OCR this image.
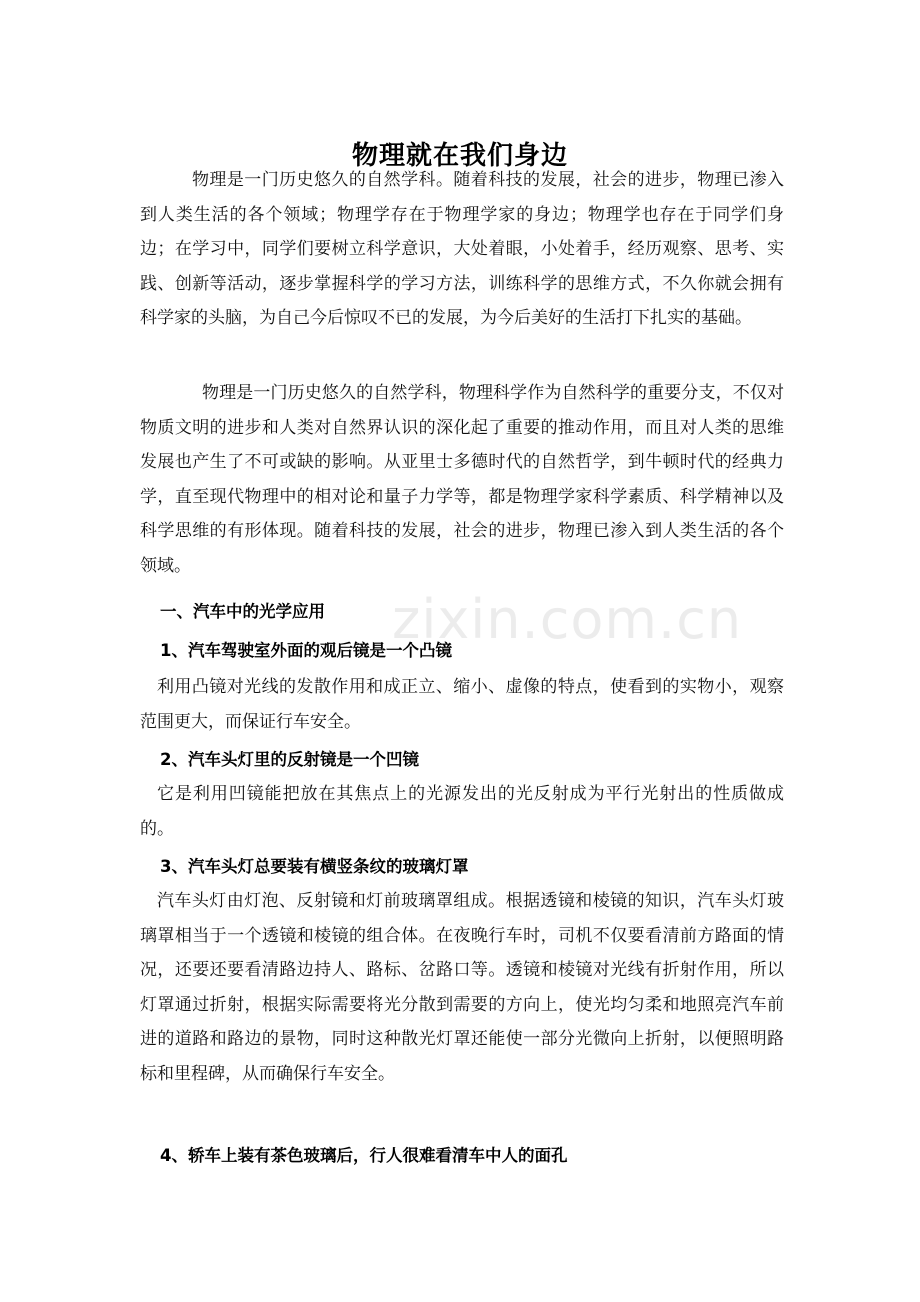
zixin.com.cn
物理就在我们身边

物理是一门历史悠久的自然学科。随着科技的发展，社会的进步，物理已渗入到人类生活的各个领域；物理学存在于物理学家的身边；物理学也存在于同学们身边；在学习中，同学们要树立科学意识，大处着眼，小处着手，经历观察、思考、实践、创新等活动，逐步掌握科学的学习方法，训练科学的思维方式，不久你就会拥有科学家的头脑，为自己今后惊叹不已的发展，为今后美好的生活打下扎实的基础。

物理是一门历史悠久的自然学科，物理科学作为自然科学的重要分支，不仅对物质文明的进步和人类对自然界认识的深化起了重要的推动作用，而且对人类的思维发展也产生了不可或缺的影响。从亚里士多德时代的自然哲学，到牛顿时代的经典力学，直至现代物理中的相对论和量子力学等，都是物理学家科学素质、科学精神以及科学思维的有形体现。随着科技的发展，社会的进步，物理已渗入到人类生活的各个领域。

一、汽车中的光学应用

1、汽车驾驶室外面的观后镜是一个凸镜

利用凸镜对光线的发散作用和成正立、缩小、虚像的特点，使看到的实物小，观察范围更大，而保证行车安全。

2、汽车头灯里的反射镜是一个凹镜

它是利用凹镜能把放在其焦点上的光源发出的光反射成为平行光射出的性质做成的。

3、汽车头灯总要装有横竖条纹的玻璃灯罩

汽车头灯由灯泡、反射镜和灯前玻璃罩组成。根据透镜和棱镜的知识，汽车头灯玻璃罩相当于一个透镜和棱镜的组合体。在夜晚行车时，司机不仅要看清前方路面的情况，还要还要看清路边持人、路标、岔路口等。透镜和棱镜对光线有折射作用，所以灯罩通过折射，根据实际需要将光分散到需要的方向上，使光均匀柔和地照亮汽车前进的道路和路边的景物，同时这种散光灯罩还能使一部分光微向上折射，以便照明路标和里程碑，从而确保行车安全。

4、轿车上装有茶色玻璃后，行人很难看清车中人的面孔
